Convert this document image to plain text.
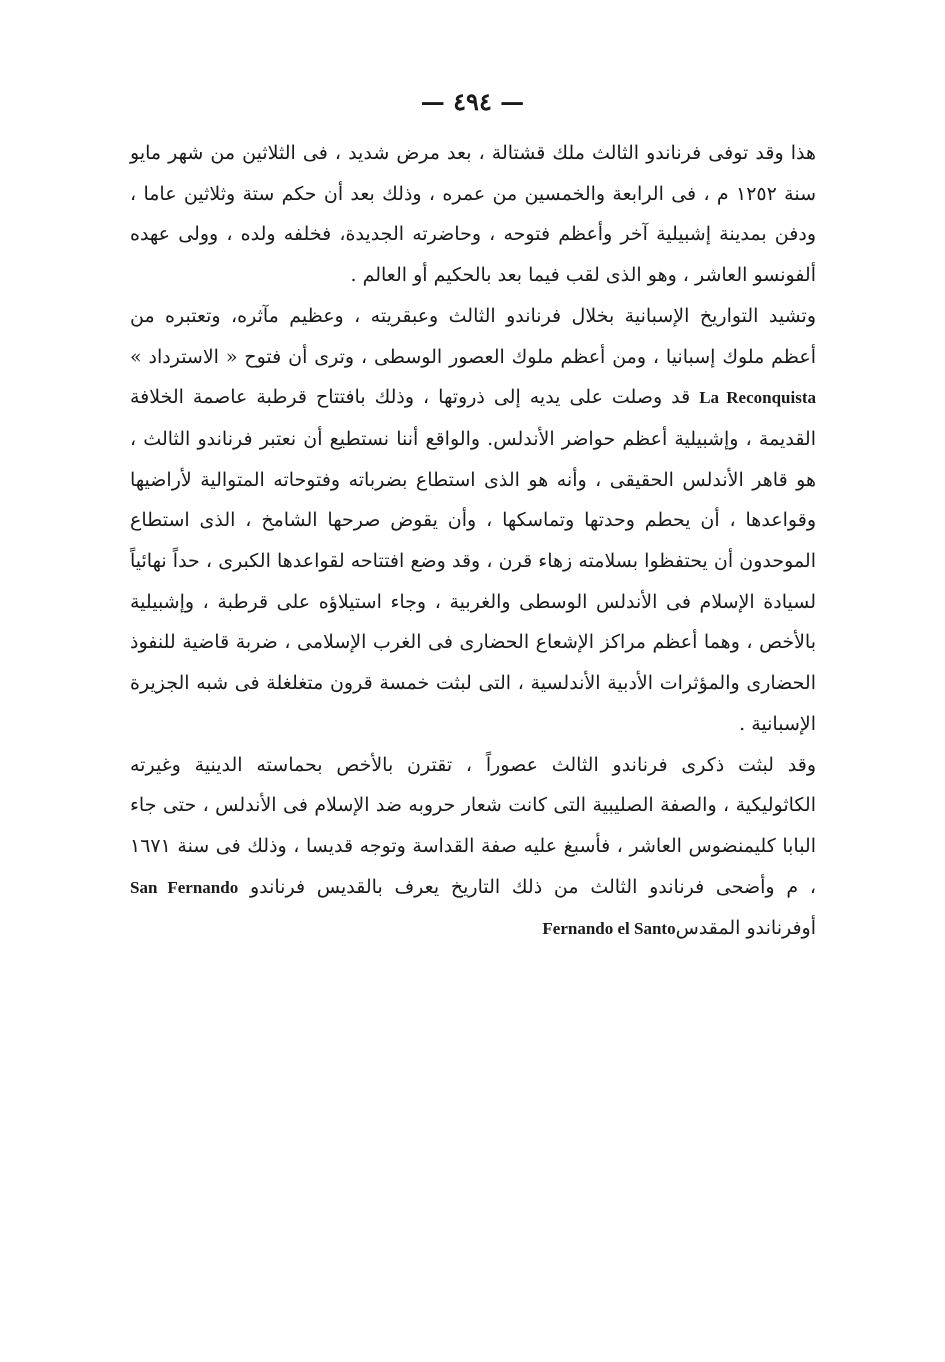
— ٤٩٤ —

هذا وقد توفى فرناندو الثالث ملك قشتالة ، بعد مرض شديد ، فى الثلاثين من شهر مايو سنة ١٢٥٢ م ، فى الرابعة والخمسين من عمره ، وذلك بعد أن حكم ستة وثلاثين عاما ، ودفن بمدينة إشبيلية آخر وأعظم فتوحه ، وحاضرته الجديدة، فخلفه ولده ، وولى عهده ألفونسو العاشر ، وهو الذى لقب فيما بعد بالحكيم أو العالم .

وتشيد التواريخ الإسبانية بخلال فرناندو الثالث وعبقريته ، وعظيم مآثره، وتعتبره من أعظم ملوك إسبانيا ، ومن أعظم ملوك العصور الوسطى ، وترى أن فتوح « الاسترداد » La Reconquista قد وصلت على يديه إلى ذروتها ، وذلك بافتتاح قرطبة عاصمة الخلافة القديمة ، وإشبيلية أعظم حواضر الأندلس. والواقع أننا نستطيع أن نعتبر فرناندو الثالث ، هو قاهر الأندلس الحقيقى ، وأنه هو الذى استطاع بضرباته وفتوحاته المتوالية لأراضيها وقواعدها ، أن يحطم وحدتها وتماسكها ، وأن يقوض صرحها الشامخ ، الذى استطاع الموحدون أن يحتفظوا بسلامته زهاء قرن ، وقد وضع افتتاحه لقواعدها الكبرى ، حداً نهائياً لسيادة الإسلام فى الأندلس الوسطى والغربية ، وجاء استيلاؤه على قرطبة ، وإشبيلية بالأخص ، وهما أعظم مراكز الإشعاع الحضارى فى الغرب الإسلامى ، ضربة قاضية للنفوذ الحضارى والمؤثرات الأدبية الأندلسية ، التى لبثت خمسة قرون متغلغلة فى شبه الجزيرة الإسبانية .

وقد لبثت ذكرى فرناندو الثالث عصوراً ، تقترن بالأخص بحماسته الدينية وغيرته الكاثوليكية ، والصفة الصليبية التى كانت شعار حروبه ضد الإسلام فى الأندلس ، حتى جاء البابا كليمنضوس العاشر ، فأسبغ عليه صفة القداسة وتوجه قديسا ، وذلك فى سنة ١٦٧١ ، م وأضحى فرناندو الثالث من ذلك التاريخ يعرف بالقديس فرناندو San Fernando أوفرناندو المقدسFernando el Santo
